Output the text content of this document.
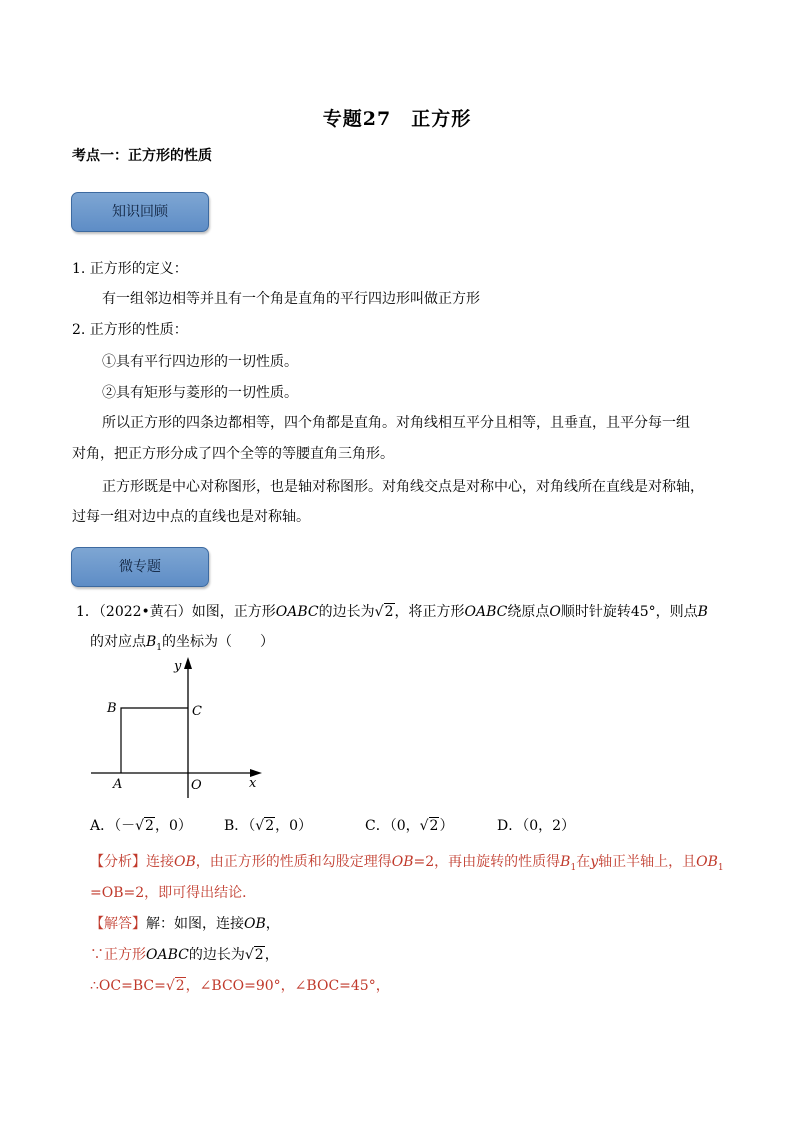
专题27　正方形
考点一：正方形的性质
知识回顾
1. 正方形的定义：
有一组邻边相等并且有一个角是直角的平行四边形叫做正方形
2. 正方形的性质：
①具有平行四边形的一切性质。
②具有矩形与菱形的一切性质。
所以正方形的四条边都相等，四个角都是直角。对角线相互平分且相等，且垂直，且平分每一组
对角，把正方形分成了四个全等的等腰直角三角形。
正方形既是中心对称图形，也是轴对称图形。对角线交点是对称中心，对角线所在直线是对称轴，
过每一组对边中点的直线也是对称轴。
微专题
1．（2022•黄石）如图，正方形OABC的边长为√2，将正方形OABC绕原点O顺时针旋转45°，则点B
的对应点$B_1$的坐标为（　　）
y
x
B	C
A	O
A．（－√2，0） B．（√2，0）	C．（0，√2）	D．（0，2）
【分析】连接OB，由正方形的性质和勾股定理得OB=2，再由旋转的性质得$B_1$在y轴正半轴上，且$OB_1$
=OB=2，即可得出结论．
【解答】解：如图，连接OB，
∵正方形OABC的边长为√2，
∴OC=BC=√2，∠BCO=90°，∠BOC=45°，
